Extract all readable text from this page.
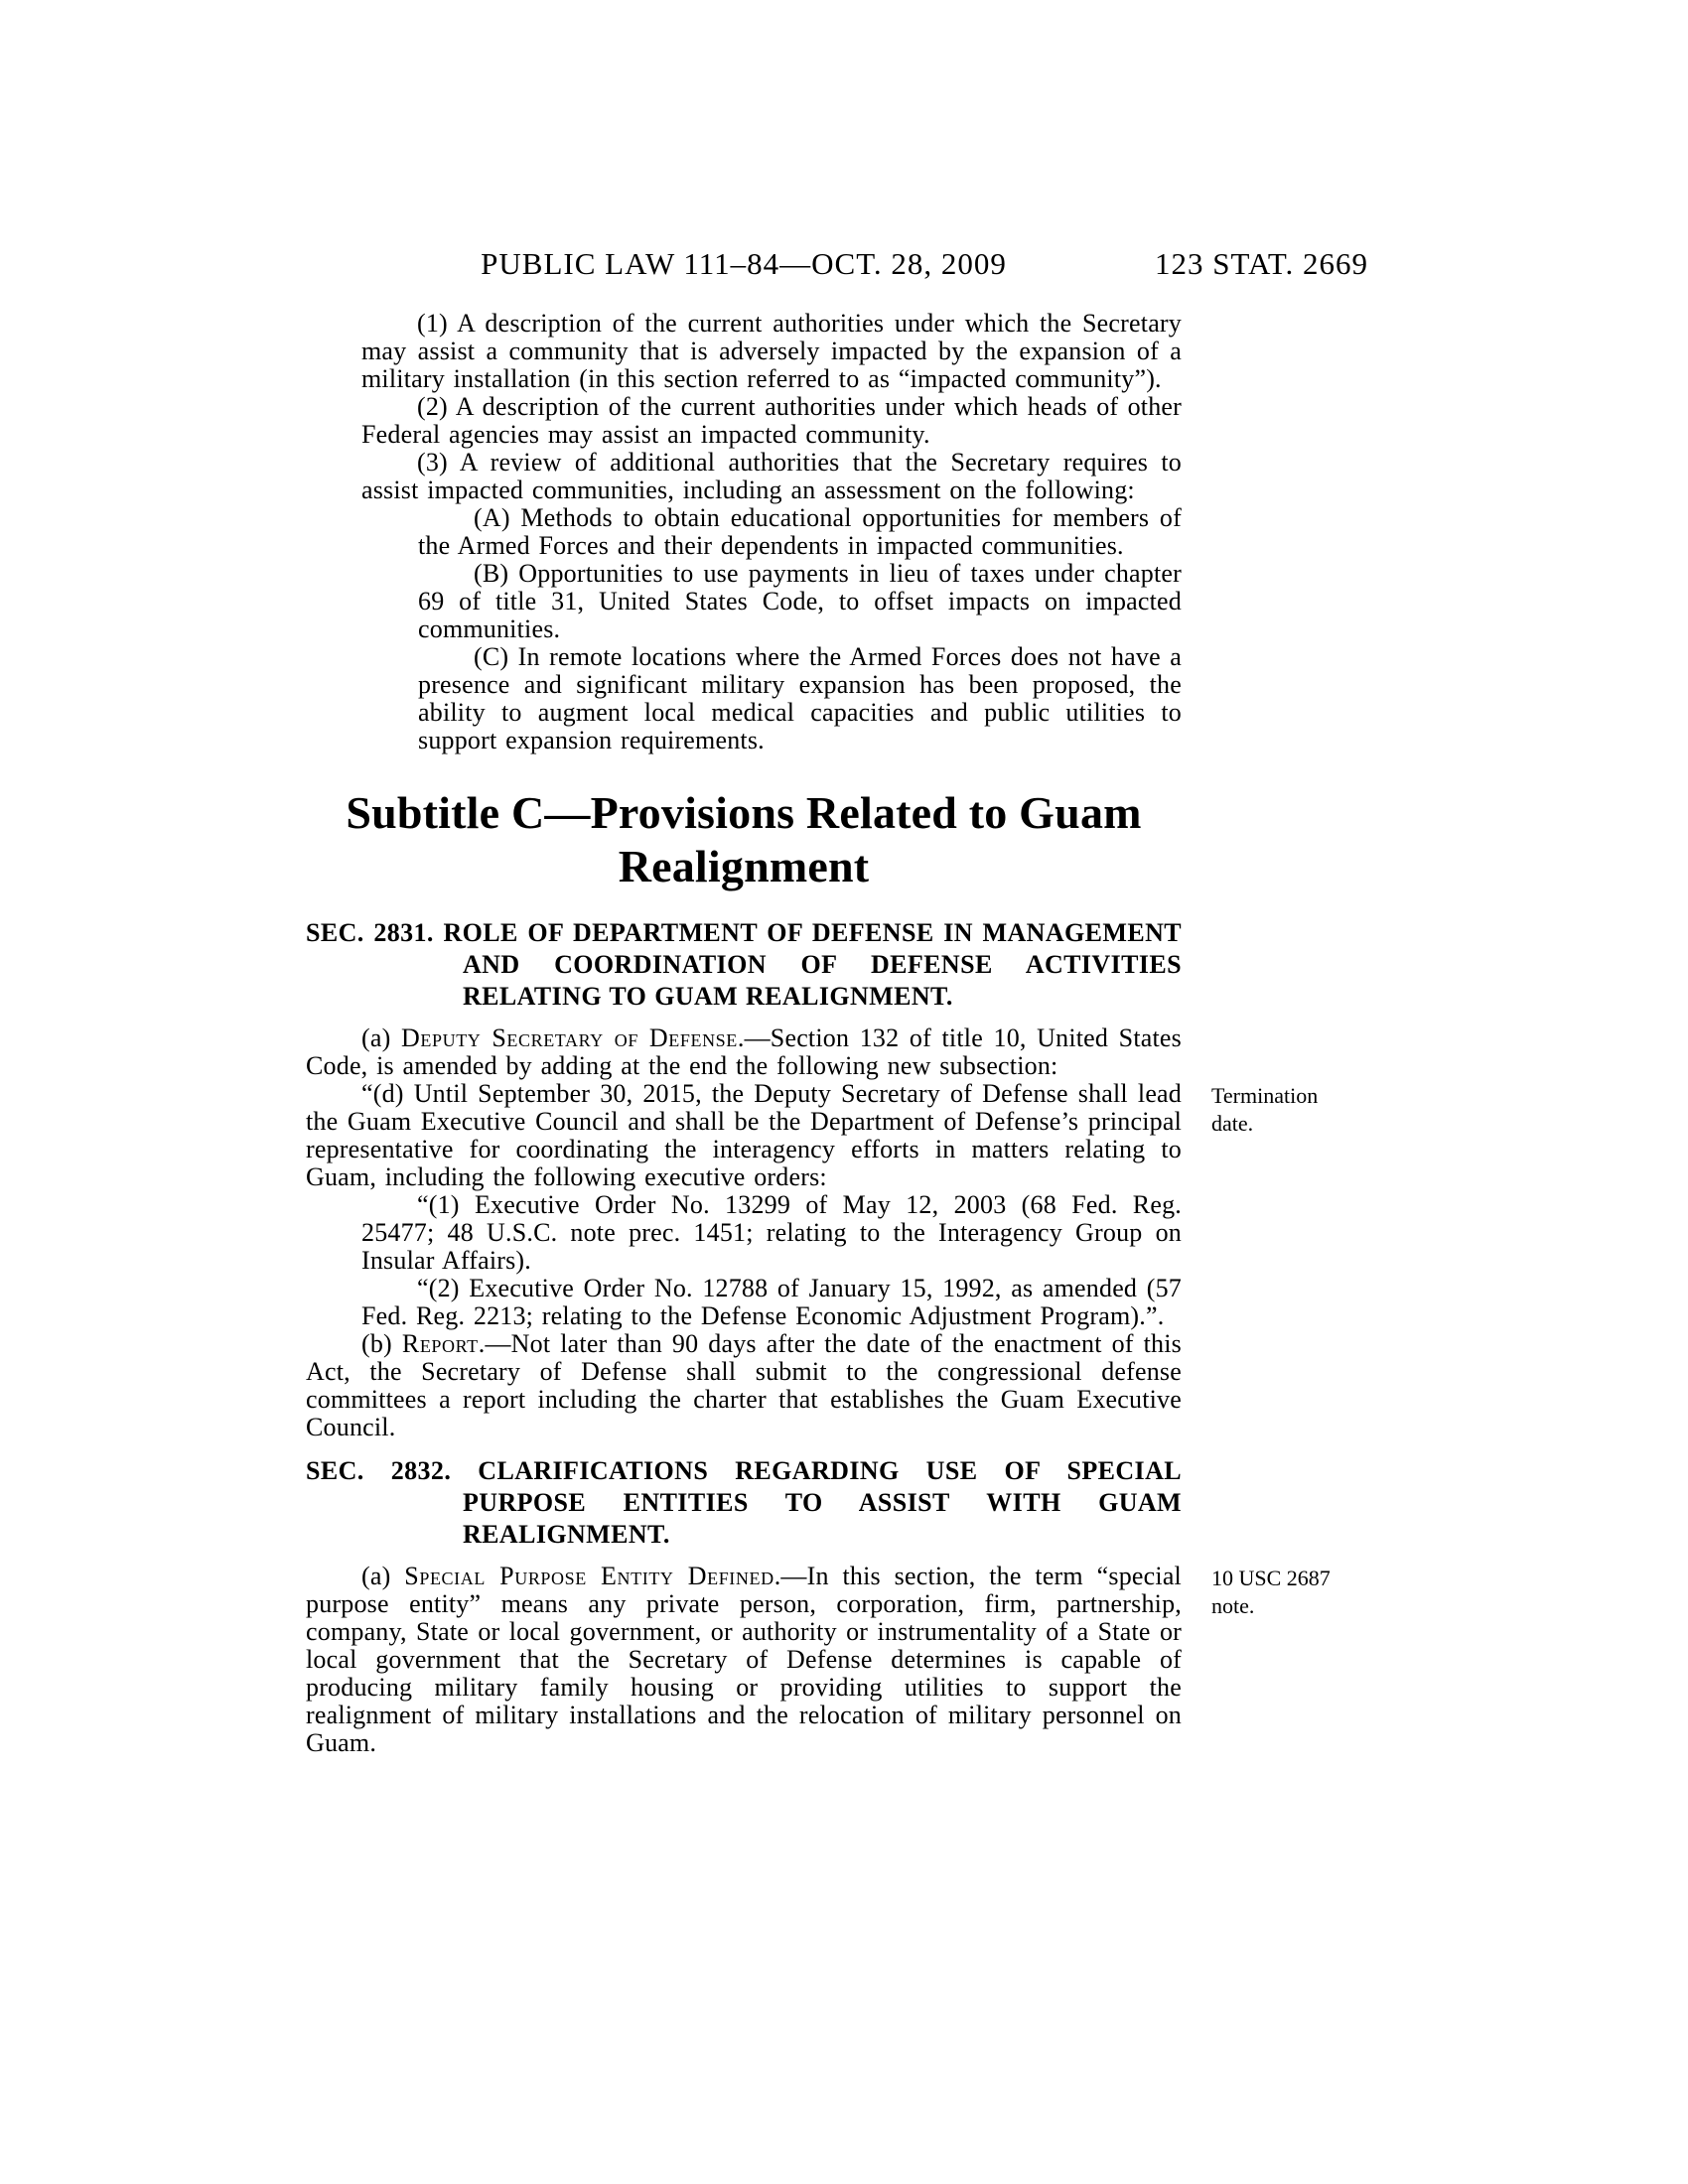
PUBLIC LAW 111–84—OCT. 28, 2009	123 STAT. 2669

(1) A description of the current authorities under which the Secretary may assist a community that is adversely impacted by the expansion of a military installation (in this section referred to as “impacted community”).

(2) A description of the current authorities under which heads of other Federal agencies may assist an impacted community.

(3) A review of additional authorities that the Secretary requires to assist impacted communities, including an assessment on the following:

(A) Methods to obtain educational opportunities for members of the Armed Forces and their dependents in impacted communities.

(B) Opportunities to use payments in lieu of taxes under chapter 69 of title 31, United States Code, to offset impacts on impacted communities.

(C) In remote locations where the Armed Forces does not have a presence and significant military expansion has been proposed, the ability to augment local medical capacities and public utilities to support expansion requirements.

Subtitle C—Provisions Related to Guam
Realignment
SEC. 2831. ROLE OF DEPARTMENT OF DEFENSE IN MANAGEMENT AND COORDINATION OF DEFENSE ACTIVITIES RELATING TO GUAM REALIGNMENT.

(a) Deputy Secretary of Defense.—Section 132 of title 10, United States Code, is amended by adding at the end the following new subsection:

“(d) Until September 30, 2015, the Deputy Secretary of Defense shall lead the Guam Executive Council and shall be the Department of Defense’s principal representative for coordinating the interagency efforts in matters relating to Guam, including the following executive orders:
Termination date.

“(1) Executive Order No. 13299 of May 12, 2003 (68 Fed. Reg. 25477; 48 U.S.C. note prec. 1451; relating to the Interagency Group on Insular Affairs).

“(2) Executive Order No. 12788 of January 15, 1992, as amended (57 Fed. Reg. 2213; relating to the Defense Economic Adjustment Program).”.

(b) Report.—Not later than 90 days after the date of the enactment of this Act, the Secretary of Defense shall submit to the congressional defense committees a report including the charter that establishes the Guam Executive Council.

SEC. 2832. CLARIFICATIONS REGARDING USE OF SPECIAL PURPOSE ENTITIES TO ASSIST WITH GUAM REALIGNMENT.

(a) Special Purpose Entity Defined.—In this section, the term “special purpose entity” means any private person, corporation, firm, partnership, company, State or local government, or authority or instrumentality of a State or local government that the Secretary of Defense determines is capable of producing military family housing or providing utilities to support the realignment of military installations and the relocation of military personnel on Guam.
10 USC 2687 note.
